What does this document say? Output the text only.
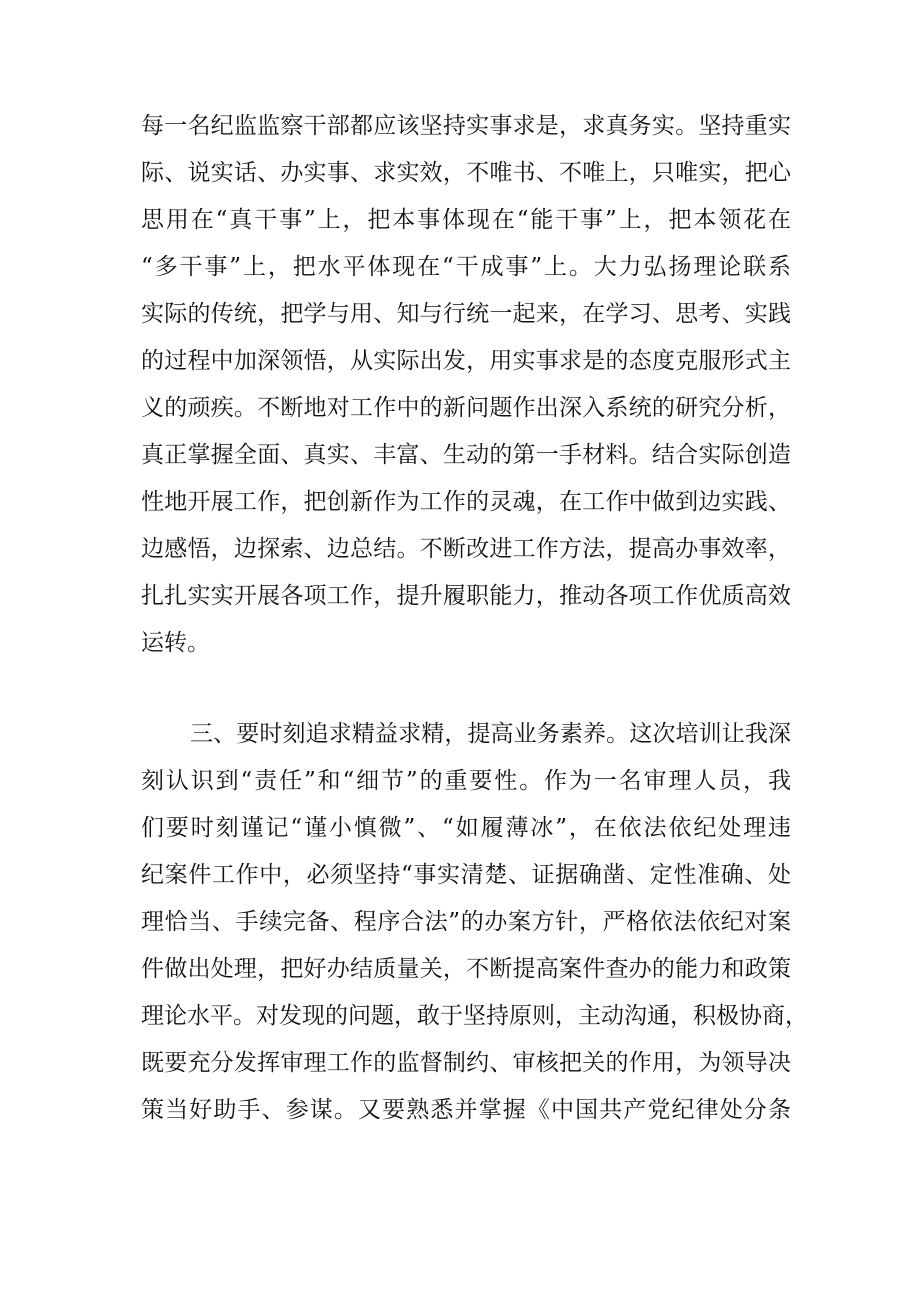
每一名纪监监察干部都应该坚持实事求是，求真务实。坚持重实
际、说实话、办实事、求实效，不唯书、不唯上，只唯实，把心
思用在“真干事”上，把本事体现在“能干事”上，把本领花在
“多干事”上，把水平体现在“干成事”上。大力弘扬理论联系
实际的传统，把学与用、知与行统一起来，在学习、思考、实践
的过程中加深领悟，从实际出发，用实事求是的态度克服形式主
义的顽疾。不断地对工作中的新问题作出深入系统的研究分析，
真正掌握全面、真实、丰富、生动的第一手材料。结合实际创造
性地开展工作，把创新作为工作的灵魂，在工作中做到边实践、
边感悟，边探索、边总结。不断改进工作方法，提高办事效率，
扎扎实实开展各项工作，提升履职能力，推动各项工作优质高效
运转。
三、要时刻追求精益求精，提高业务素养。这次培训让我深
刻认识到“责任”和“细节”的重要性。作为一名审理人员，我
们要时刻谨记“谨小慎微”、“如履薄冰”，在依法依纪处理违
纪案件工作中，必须坚持“事实清楚、证据确凿、定性准确、处
理恰当、手续完备、程序合法”的办案方针，严格依法依纪对案
件做出处理，把好办结质量关，不断提高案件查办的能力和政策
理论水平。对发现的问题，敢于坚持原则，主动沟通，积极协商，
既要充分发挥审理工作的监督制约、审核把关的作用，为领导决
策当好助手、参谋。又要熟悉并掌握《中国共产党纪律处分条
